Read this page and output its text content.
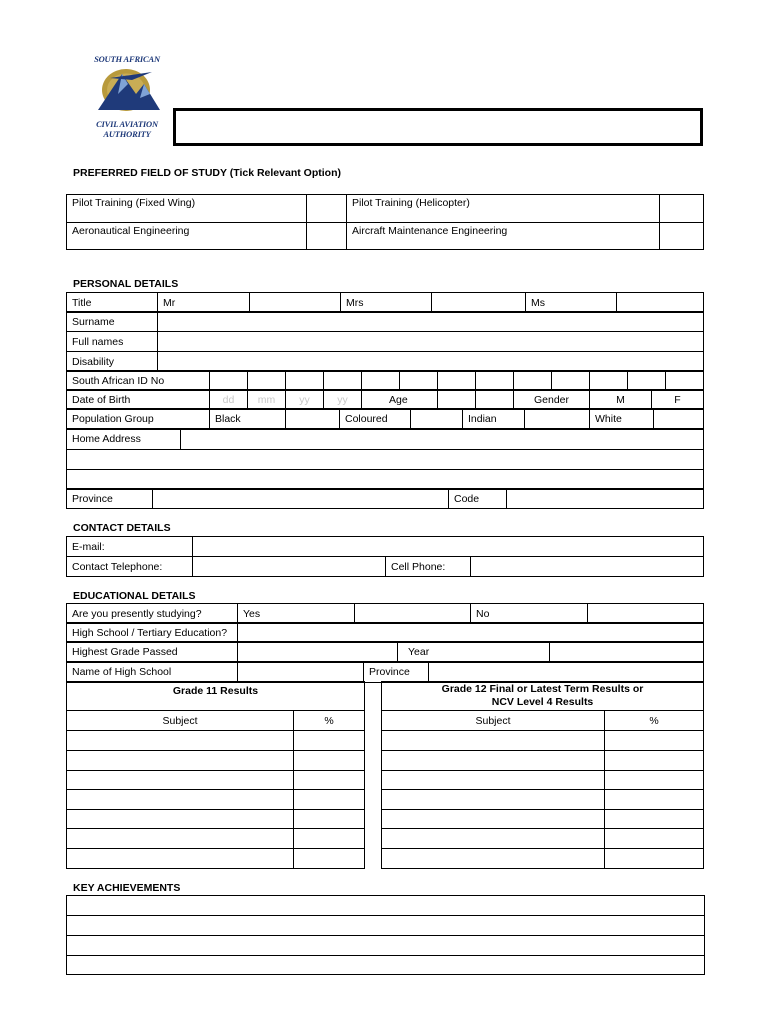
SOUTH AFRICAN
CIVIL AVIATION
AUTHORITY
PREFERRED FIELD OF STUDY (Tick Relevant Option)
Pilot Training (Fixed Wing)		Pilot Training (Helicopter)	
Aeronautical Engineering		Aircraft Maintenance Engineering	
PERSONAL DETAILS
Title	Mr		Mrs		Ms	
Surname	
Full names	
Disability	
South African ID No													
Date of Birth	dd	mm	yy	yy	Age			Gender	M	F
Population Group	Black		Coloured		Indian		White	
Home Address	

Province		Code	
CONTACT DETAILS
E-mail:			
Contact Telephone:		Cell Phone:	
EDUCATIONAL DETAILS
Are you presently studying?	Yes		No	
High School / Tertiary Education?	
Highest Grade Passed		Year	
Name of High School		Province	
Grade 11 Results	
Subject	%

Grade 12 Final or Latest Term Results or
NCV Level 4 Results	

Subject	%

KEY ACHIEVEMENTS
